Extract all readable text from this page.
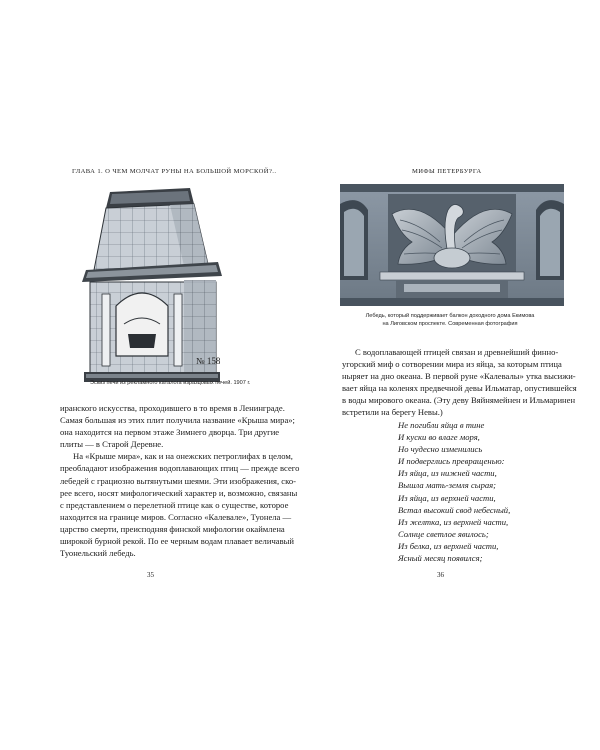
ГЛАВА 1. О ЧЕМ МОЛЧАТ РУНЫ НА БОЛЬШОЙ МОРСКОЙ?..
№ 158
Эскиз печи из рекламного каталога изразцовых печей. 1907 г.

иранского искусства, проходившего в то время в Ленинграде.
Самая большая из этих плит получила название «Крыша мира»;
она находится на первом этаже Зимнего дворца. Три другие
плиты — в Старой Деревне.

На «Крыше мира», как и на онежских петроглифах в целом,
преобладают изображения водоплавающих птиц — прежде всего
лебедей с грациозно вытянутыми шеями. Эти изображения, ско-
рее всего, носят мифологический характер и, возможно, связаны
с представлением о перелетной птице как о существе, которое
находится на границе миров. Согласно «Калевале», Туонела —
царство смерти, преисподняя финской мифологии окаймлена
широкой бурной рекой. По ее черным водам плавает величавый
Туонельский лебедь.

35
МИФЫ ПЕТЕРБУРГА
Лебедь, который поддерживает балкон доходного дома Екимова
на Лиговском проспекте. Современная фотография

С водоплавающей птицей связан и древнейший финно-
угорский миф о сотворении мира из яйца, за которым птица
ныряет на дно океана. В первой руне «Калевалы» утка высижи-
вает яйца на коленях предвечной девы Ильматар, опустившейся
в воды мирового океана. (Эту деву Вяйнямейнен и Ильмаринен
встретили на берегу Невы.)

Не погибли яйца в тине
И куски во влаге моря,
Но чудесно изменились
И подверглись превращенью:
Из яйца, из нижней части,
Вышла мать-земля сырая;
Из яйца, из верхней части,
Встал высокий свод небесный,
Из желтка, из верхней части,
Солнце светлое явилось;
Из белка, из верхней части,
Ясный месяц появился;
36
